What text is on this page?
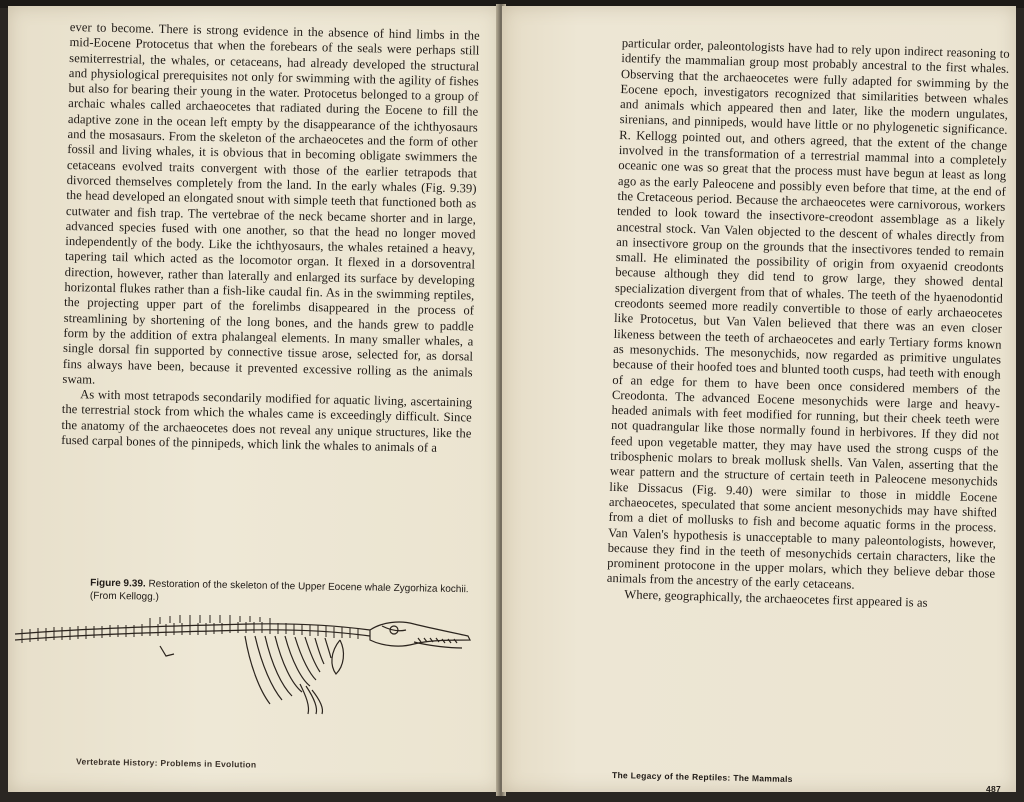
ever to become. There is strong evidence in the absence of hind limbs in the mid-Eocene Protocetus that when the forebears of the seals were perhaps still semiterrestrial, the whales, or cetaceans, had already developed the structural and physiological prerequisites not only for swimming with the agility of fishes but also for bearing their young in the water. Protocetus belonged to a group of archaic whales called archaeocetes that radiated during the Eocene to fill the adaptive zone in the ocean left empty by the disappearance of the ichthyosaurs and the mosasaurs. From the skeleton of the archaeocetes and the form of other fossil and living whales, it is obvious that in becoming obligate swimmers the cetaceans evolved traits convergent with those of the earlier tetrapods that divorced themselves completely from the land. In the early whales (Fig. 9.39) the head developed an elongated snout with simple teeth that functioned both as cutwater and fish trap. The vertebrae of the neck became shorter and in large, advanced species fused with one another, so that the head no longer moved independently of the body. Like the ichthyosaurs, the whales retained a heavy, tapering tail which acted as the locomotor organ. It flexed in a dorsoventral direction, however, rather than laterally and enlarged its surface by developing horizontal flukes rather than a fish-like caudal fin. As in the swimming reptiles, the projecting upper part of the forelimbs disappeared in the process of streamlining by shortening of the long bones, and the hands grew to paddle form by the addition of extra phalangeal elements. In many smaller whales, a single dorsal fin supported by connective tissue arose, selected for, as dorsal fins always have been, because it prevented excessive rolling as the animals swam.

As with most tetrapods secondarily modified for aquatic living, ascertaining the terrestrial stock from which the whales came is exceedingly difficult. Since the anatomy of the archaeocetes does not reveal any unique structures, like the fused carpal bones of the pinnipeds, which link the whales to animals of a

Figure 9.39. Restoration of the skeleton of the Upper Eocene whale Zygorhiza kochii. (From Kellogg.)
Vertebrate History: Problems in Evolution

particular order, paleontologists have had to rely upon indirect reasoning to identify the mammalian group most probably ancestral to the first whales. Observing that the archaeocetes were fully adapted for swimming by the Eocene epoch, investigators recognized that similarities between whales and animals which appeared then and later, like the modern ungulates, sirenians, and pinnipeds, would have little or no phylogenetic significance. R. Kellogg pointed out, and others agreed, that the extent of the change involved in the transformation of a terrestrial mammal into a completely oceanic one was so great that the process must have begun at least as long ago as the early Paleocene and possibly even before that time, at the end of the Cretaceous period. Because the archaeocetes were carnivorous, workers tended to look toward the insectivore-creodont assemblage as a likely ancestral stock. Van Valen objected to the descent of whales directly from an insectivore group on the grounds that the insectivores tended to remain small. He eliminated the possibility of origin from oxyaenid creodonts because although they did tend to grow large, they showed dental specialization divergent from that of whales. The teeth of the hyaenodontid creodonts seemed more readily convertible to those of early archaeocetes like Protocetus, but Van Valen believed that there was an even closer likeness between the teeth of archaeocetes and early Tertiary forms known as mesonychids. The mesonychids, now regarded as primitive ungulates because of their hoofed toes and blunted tooth cusps, had teeth with enough of an edge for them to have been once considered members of the Creodonta. The advanced Eocene mesonychids were large and heavy-headed animals with feet modified for running, but their cheek teeth were not quadrangular like those normally found in herbivores. If they did not feed upon vegetable matter, they may have used the strong cusps of the tribosphenic molars to break mollusk shells. Van Valen, asserting that the wear pattern and the structure of certain teeth in Paleocene mesonychids like Dissacus (Fig. 9.40) were similar to those in middle Eocene archaeocetes, speculated that some ancient mesonychids may have shifted from a diet of mollusks to fish and become aquatic forms in the process. Van Valen's hypothesis is unacceptable to many paleontologists, however, because they find in the teeth of mesonychids certain characters, like the prominent protocone in the upper molars, which they believe debar those animals from the ancestry of the early cetaceans.

Where, geographically, the archaeocetes first appeared is as

The Legacy of the Reptiles: The Mammals
487
